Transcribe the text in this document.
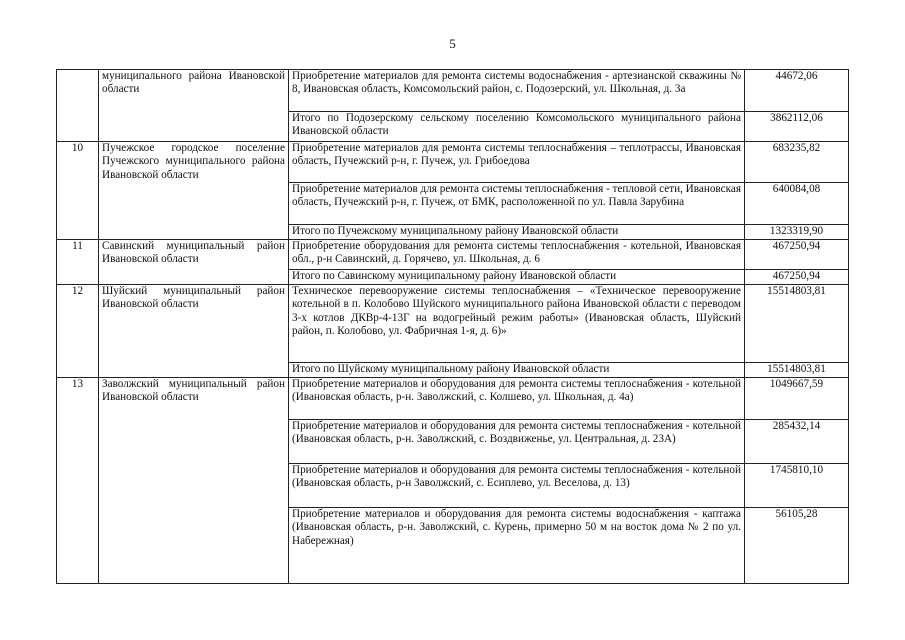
5
	муниципального района Ивановской области	Приобретение материалов для ремонта системы водоснабжения - артезианской скважины № 8, Ивановская область, Комсомольский район, с. Подозерский, ул. Школьная, д. 3а	44672,06
		Итого по Подозерскому сельскому поселению Комсомольского муниципального района Ивановской области	3862112,06
10	Пучежское городское поселение Пучежского муниципального района Ивановской области	Приобретение материалов для ремонта системы теплоснабжения – теплотрассы, Ивановская область, Пучежский р-н, г. Пучеж, ул. Грибоедова	683235,82
		Приобретение материалов для ремонта системы теплоснабжения - тепловой сети, Ивановская область, Пучежский р-н, г. Пучеж, от БМК, расположенной по ул. Павла Зарубина	640084,08
		Итого по Пучежскому муниципальному району Ивановской области	1323319,90
11	Савинский муниципальный район Ивановской области	Приобретение оборудования для ремонта системы теплоснабжения - котельной, Ивановская обл., р-н Савинский, д. Горячево, ул. Школьная, д. 6	467250,94
		Итого по Савинскому муниципальному району Ивановской области	467250,94
12	Шуйский муниципальный район Ивановской области	Техническое перевооружение системы теплоснабжения – «Техническое перевооружение котельной в п. Колобово Шуйского муниципального района Ивановской области с переводом 3-х котлов ДКВр-4-13Г на водогрейный режим работы» (Ивановская область, Шуйский район, п. Колобово, ул. Фабричная 1-я, д. 6)»	15514803,81
		Итого по Шуйскому муниципальному району Ивановской области	15514803,81
13	Заволжский муниципальный район Ивановской области	Приобретение материалов и оборудования для ремонта системы теплоснабжения - котельной (Ивановская область, р-н. Заволжский, с. Колшево, ул. Школьная, д. 4а)	1049667,59
		Приобретение материалов и оборудования для ремонта системы теплоснабжения - котельной (Ивановская область, р-н. Заволжский, с. Воздвиженье, ул. Центральная, д. 23А)	285432,14
		Приобретение материалов и оборудования для ремонта системы теплоснабжения - котельной (Ивановская область, р-н Заволжский, с. Есиплево, ул. Веселова, д. 13)	1745810,10
		Приобретение материалов и оборудования для ремонта системы водоснабжения - каптажа (Ивановская область, р-н. Заволжский, с. Курень, примерно 50 м на восток дома № 2 по ул. Набережная)	56105,28
